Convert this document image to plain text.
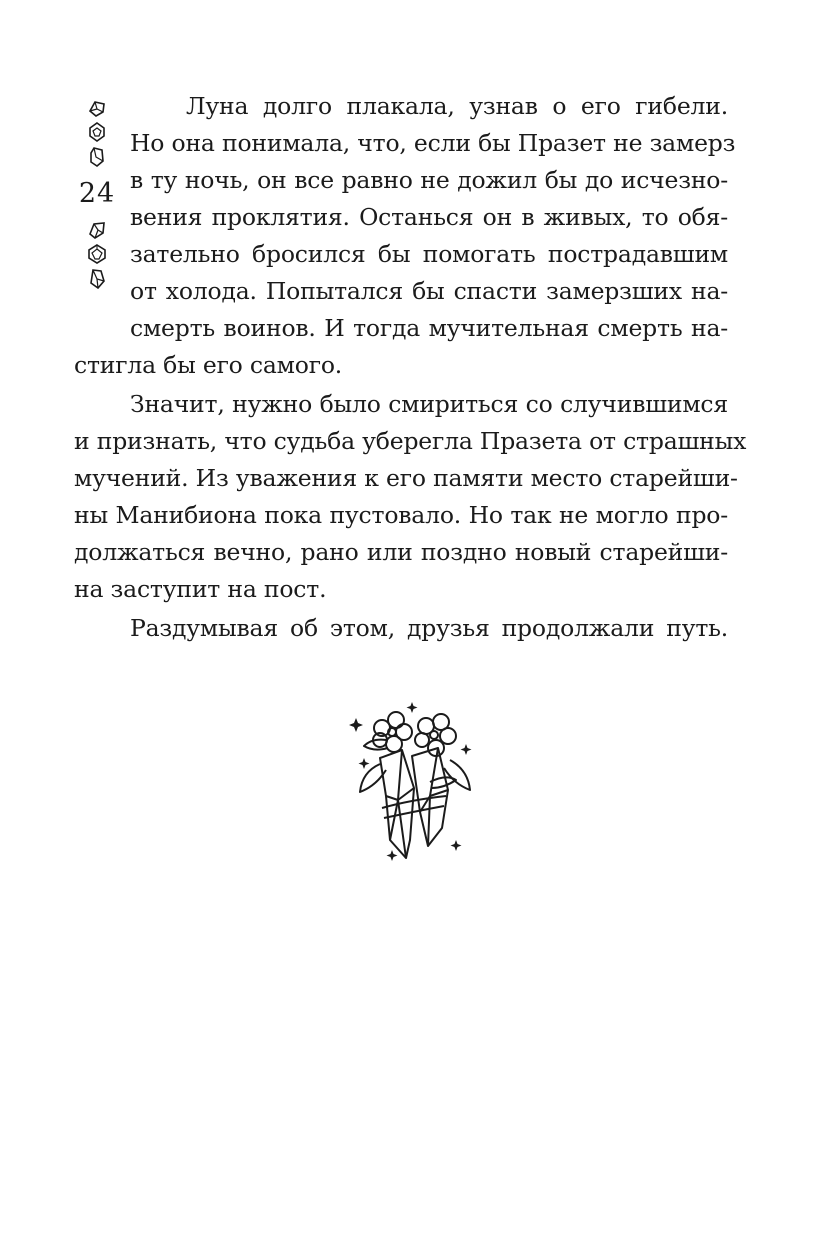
24
Луна долго плакала, узнав о его гибели.
Но она понимала, что, если бы Празет не замерз
в ту ночь, он все равно не дожил бы до исчезно-
вения проклятия. Останься он в живых, то обя-
зательно бросился бы помогать пострадавшим
от холода. Попытался бы спасти замерзших на-
смерть воинов. И тогда мучительная смерть на-
стигла бы его самого.
Значит, нужно было смириться со случившимся
и признать, что судьба уберегла Празета от страшных
мучений. Из уважения к его памяти место старейши-
ны Манибиона пока пустовало. Но так не могло про-
должаться вечно, рано или поздно новый старейши-
на заступит на пост.
Раздумывая об этом, друзья продолжали путь.
